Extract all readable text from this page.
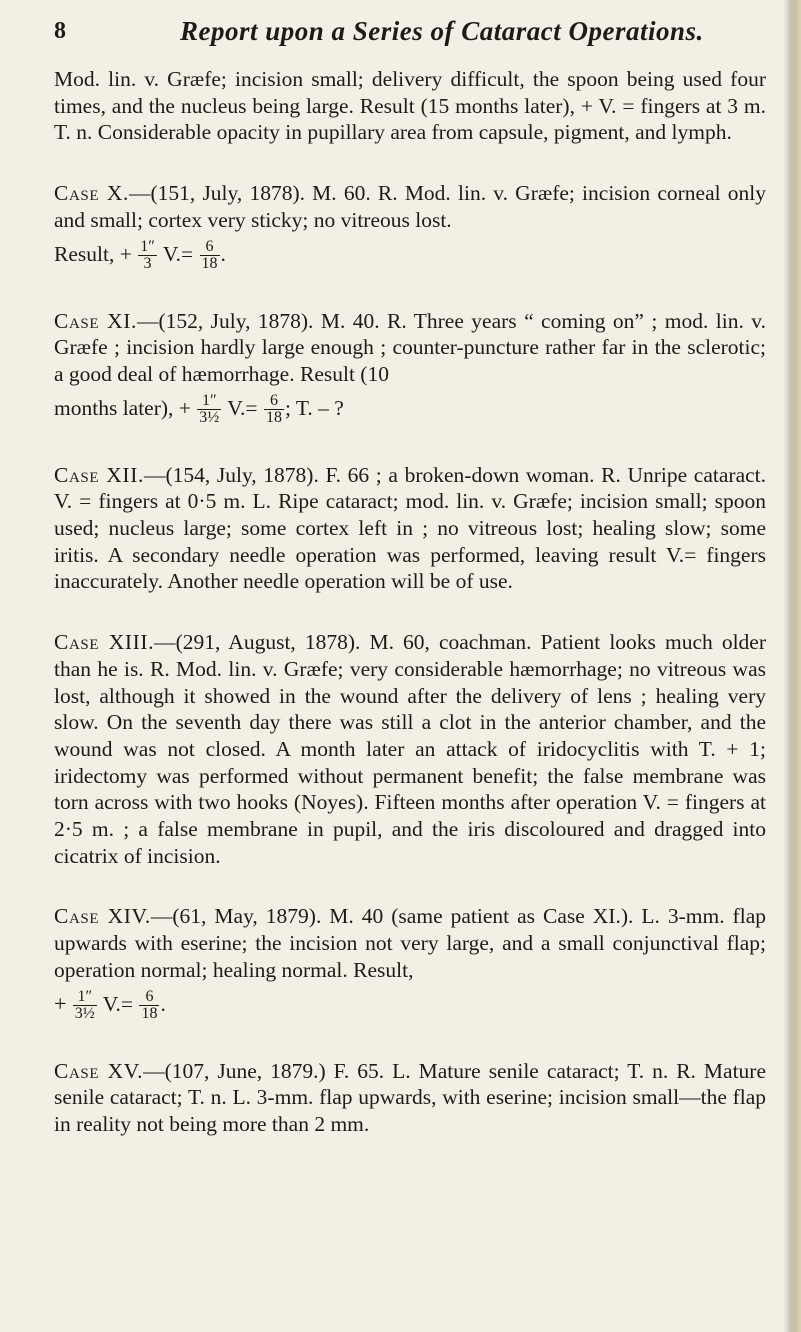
8	Report upon a Series of Cataract Operations.

Mod. lin. v. Græfe; incision small; delivery difficult, the spoon being used four times, and the nucleus being large. Result (15 months later), + V. = fingers at 3 m. T. n. Considerable opacity in pupillary area from capsule, pigment, and lymph.

Case X.—(151, July, 1878). M. 60. R. Mod. lin. v. Græfe; incision corneal only and small; cortex very sticky; no vitreous lost.
Result, + $\frac{1''}{3} V.= \frac{6}{18}$ .

Case XI.—(152, July, 1878). M. 40. R. Three years “ coming on” ; mod. lin. v. Græfe ; incision hardly large enough ; counter-puncture rather far in the sclerotic; a good deal of hæmorrhage. Result (10
months later), + $\frac{1''}{\text{3½}} V.= \frac{6}{18}$ ; T. – ?

Case XII.—(154, July, 1878). F. 66 ; a broken-down woman. R. Unripe cataract. V. = fingers at 0·5 m. L. Ripe cataract; mod. lin. v. Græfe; incision small; spoon used; nucleus large; some cortex left in ; no vitreous lost; healing slow; some iritis. A secondary needle operation was performed, leaving result V.= fingers inaccurately. Another needle operation will be of use.

Case XIII.—(291, August, 1878). M. 60, coachman. Patient looks much older than he is. R. Mod. lin. v. Græfe; very considerable hæmorrhage; no vitreous was lost, although it showed in the wound after the delivery of lens ; healing very slow. On the seventh day there was still a clot in the anterior chamber, and the wound was not closed. A month later an attack of iridocyclitis with T. + 1; iridectomy was performed without permanent benefit; the false membrane was torn across with two hooks (Noyes). Fifteen months after operation V. = fingers at 2·5 m. ; a false membrane in pupil, and the iris discoloured and dragged into cicatrix of incision.

Case XIV.—(61, May, 1879). M. 40 (same patient as Case XI.). L. 3-mm. flap upwards with eserine; the incision not very large, and a small conjunctival flap; operation normal; healing normal. Result,
+ $\frac{1''}{\text{3½}} V.= \frac{6}{18}$ .

Case XV.—(107, June, 1879.) F. 65. L. Mature senile cataract; T. n. R. Mature senile cataract; T. n. L. 3-mm. flap upwards, with eserine; incision small—the flap in reality not being more than 2 mm.
